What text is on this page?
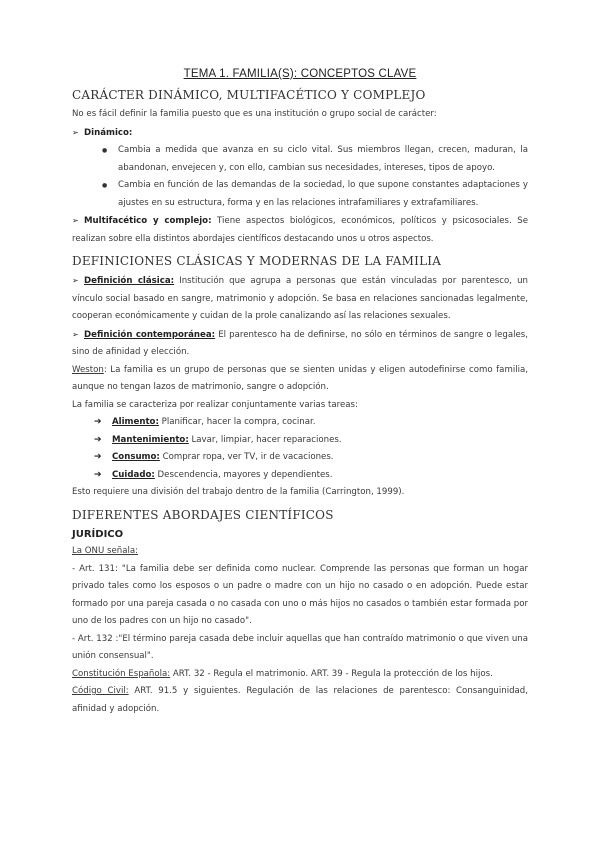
TEMA 1. FAMILIA(S): CONCEPTOS CLAVE
CARÁCTER DINÁMICO, MULTIFACÉTICO Y COMPLEJO

No es fácil definir la familia puesto que es una institución o grupo social de carácter:

➢ Dinámico:

● Cambia a medida que avanza en su ciclo vital. Sus miembros llegan, crecen, maduran, la abandonan, envejecen y, con ello, cambian sus necesidades, intereses, tipos de apoyo.
● Cambia en función de las demandas de la sociedad, lo que supone constantes adaptaciones y ajustes en su estructura, forma y en las relaciones intrafamiliares y extrafamiliares.

➢ Multifacético y complejo: Tiene aspectos biológicos, económicos, políticos y psicosociales. Se realizan sobre ella distintos abordajes científicos destacando unos u otros aspectos.

DEFINICIONES CLÁSICAS Y MODERNAS DE LA FAMILIA

➢ Definición clásica: Institución que agrupa a personas que están vinculadas por parentesco, un vínculo social basado en sangre, matrimonio y adopción. Se basa en relaciones sancionadas legalmente, cooperan económicamente y cuidan de la prole canalizando así las relaciones sexuales.

➢ Definición contemporánea: El parentesco ha de definirse, no sólo en términos de sangre o legales, sino de afinidad y elección.

Weston: La familia es un grupo de personas que se sienten unidas y eligen autodefinirse como familia, aunque no tengan lazos de matrimonio, sangre o adopción.

La familia se caracteriza por realizar conjuntamente varias tareas:

➔ Alimento: Planificar, hacer la compra, cocinar.
➔ Mantenimiento: Lavar, limpiar, hacer reparaciones.
➔ Consumo: Comprar ropa, ver TV, ir de vacaciones.
➔ Cuidado: Descendencia, mayores y dependientes.

Esto requiere una división del trabajo dentro de la familia (Carrington, 1999).

DIFERENTES ABORDAJES CIENTÍFICOS

JURÍDICO

La ONU señala:

- Art. 131: "La familia debe ser definida como nuclear. Comprende las personas que forman un hogar privado tales como los esposos o un padre o madre con un hijo no casado o en adopción. Puede estar formado por una pareja casada o no casada con uno o más hijos no casados o también estar formada por uno de los padres con un hijo no casado".

- Art. 132 :"El término pareja casada debe incluir aquellas que han contraído matrimonio o que viven una unión consensual".

Constitución Española: ART. 32 - Regula el matrimonio. ART. 39 - Regula la protección de los hijos.

Código Civil: ART. 91.5 y siguientes. Regulación de las relaciones de parentesco: Consanguinidad, afinidad y adopción.
